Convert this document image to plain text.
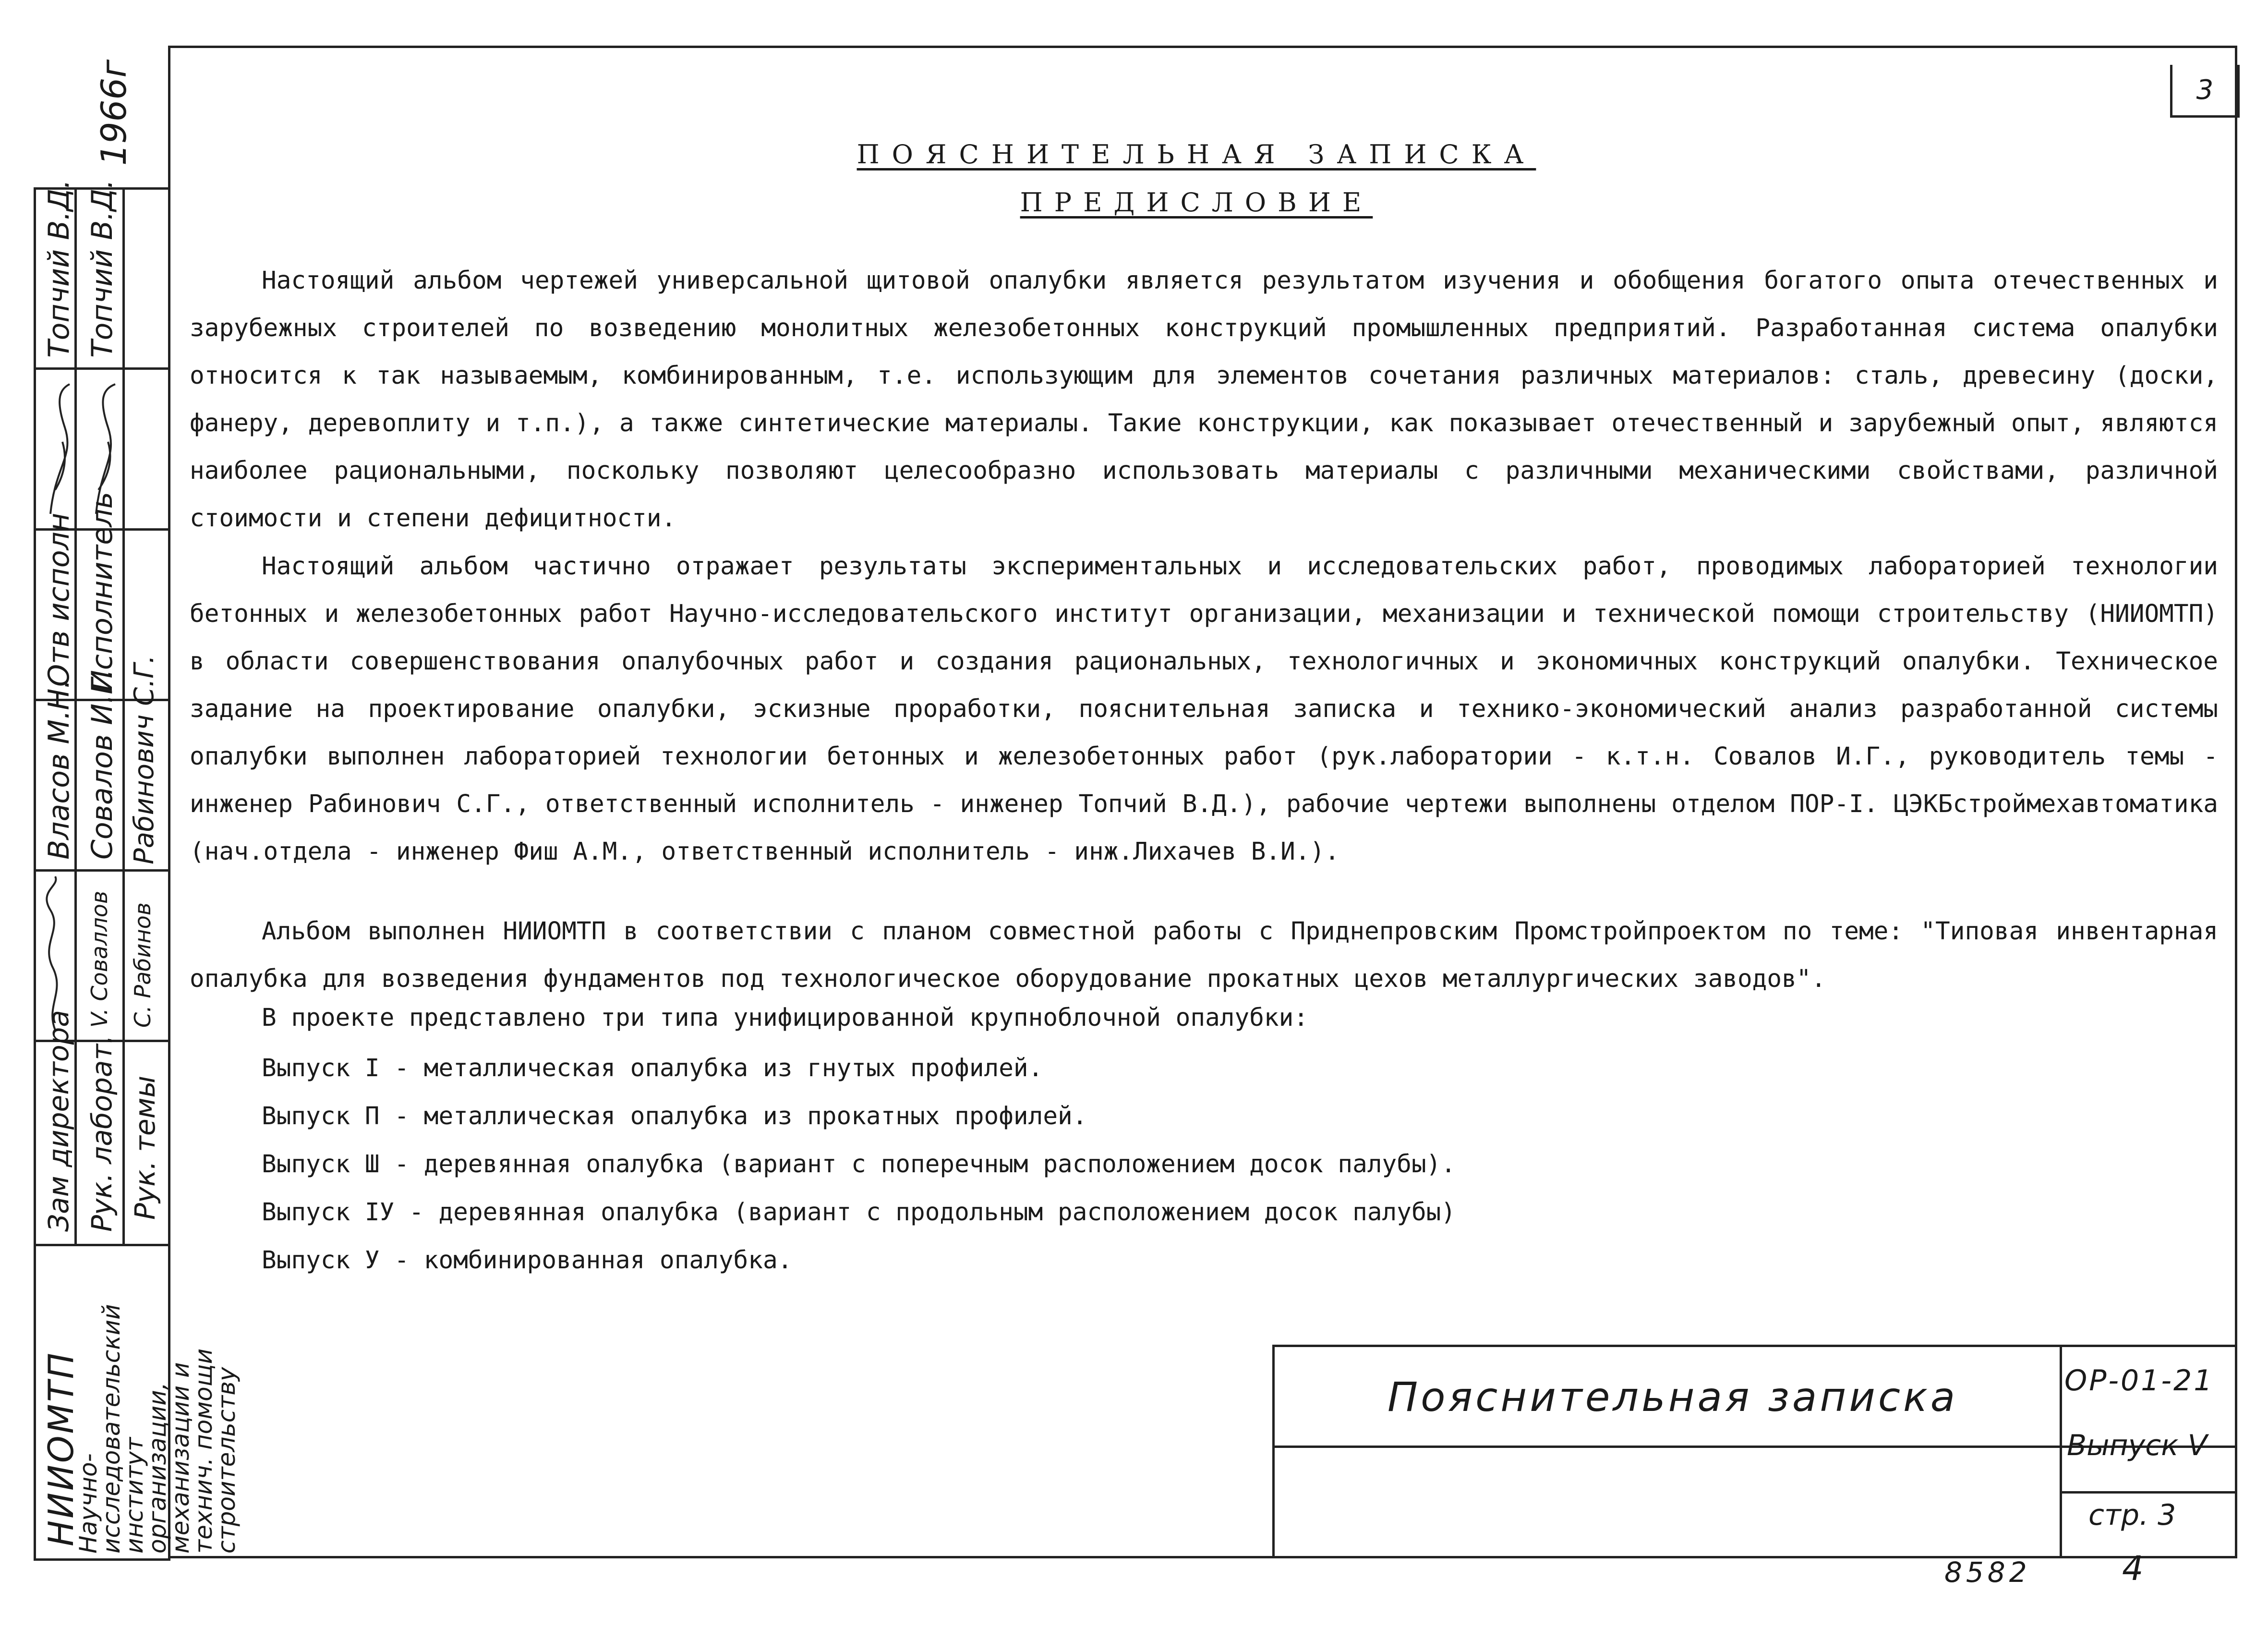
3
ПОЯСНИТЕЛЬНАЯ ЗАПИСКА
ПРЕДИСЛОВИЕ
Настоящий альбом чертежей универсальной щитовой опалубки является результатом изучения и обобщения богатого опыта отечественных и зарубежных строителей по возведению монолитных железобетонных конструкций промышленных предприятий. Разработанная система опалубки относится к так называемым, комбинированным, т.е. использующим для элементов сочетания различных материалов: сталь, древесину (доски, фанеру, деревоплиту и т.п.), а также синтетические материалы. Такие конструкции, как показывает отечественный и зарубежный опыт, являются наиболее рациональными, поскольку позволяют целесообразно использовать материалы с различными механическими свойствами, различной стоимости и степени дефицитности.
Настоящий альбом частично отражает результаты экспериментальных и исследовательских работ, проводимых лабораторией технологии бетонных и железобетонных работ Научно-исследовательского институт организации, механизации и технической помощи строительству (НИИОМТП) в области совершенствования опалубочных работ и создания рациональных, технологичных и экономичных конструкций опалубки. Техническое задание на проектирование опалубки, эскизные проработки, пояснительная записка и технико-экономический анализ разработанной системы опалубки выполнен лабораторией технологии бетонных и железобетонных работ (рук.лаборатории - к.т.н. Совалов И.Г., руководитель темы - инженер Рабинович С.Г., ответственный исполнитель - инженер Топчий В.Д.), рабочие чертежи выполнены отделом ПОР-I. ЦЭКБстроймехавтоматика (нач.отдела - инженер Фиш А.М., ответственный исполнитель - инж.Лихачев В.И.).
Альбом выполнен НИИОМТП в соответствии с планом совместной работы с Приднепровским Промстройпроектом по теме: "Типовая инвентарная опалубка для возведения фундаментов под технологическое оборудование прокатных цехов металлургических заводов".
В проекте представлено три типа унифицированной крупноблочной опалубки:
Выпуск I - металлическая опалубка из гнутых профилей.
Выпуск П - металлическая опалубка из прокатных профилей.
Выпуск Ш - деревянная опалубка (вариант с поперечным расположением досок палубы).
Выпуск IУ - деревянная опалубка (вариант с продольным расположением досок палубы)
Выпуск У - комбинированная опалубка.
Пояснительная записка	ОР-01-21
Выпуск Ⅴ
стр. 3
8582	4
1966г
Топчий В.Д. Топчий В.Д.
Отв исполн Исполнитель
Власов М.Н. Совалов И.Г. Рабинович С.Г.
V. Соваллов С. Рабинов
Зам директора Рук. лаборат. Рук. темы
НИИОМТП
Научно-исследовательский институт организации, механизации и технич. помощи строительству
